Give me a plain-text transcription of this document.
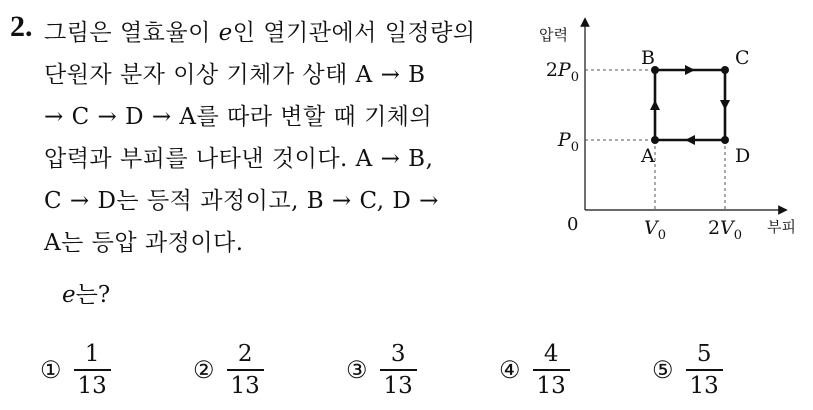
2. 그림은 열효율이 e인 열기관에서 일정량의
단원자 분자 이상 기체가 상태 A → B
→ C → D → A를 따라 변할 때 기체의
압력과 부피를 나타낸 것이다. A → B,
C → D는 등적 과정이고, B → C, D →
A는 등압 과정이다.
e는?
압력
부피
0
$2P_0$
$P_0$
$V_0$ $2V_0$
A
B	C
D
① $\frac{1}{13}$	② $\frac{2}{13}$	③ $\frac{3}{13}$	④ $\frac{4}{13}$	⑤ $\frac{5}{13}$
